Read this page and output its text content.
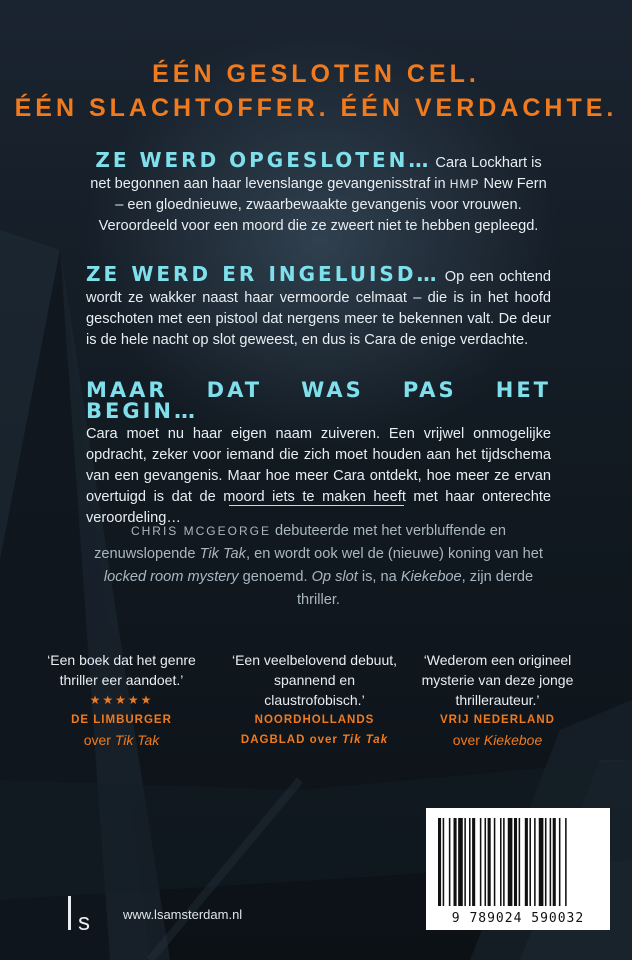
ÉÉN GESLOTEN CEL.
ÉÉN SLACHTOFFER. ÉÉN VERDACHTE.
ZE WERD OPGESLOTEN… Cara Lockhart is net begonnen aan haar levenslange gevangenisstraf in HMP New Fern – een gloednieuwe, zwaarbewaakte gevangenis voor vrouwen. Veroordeeld voor een moord die ze zweert niet te hebben gepleegd.
ZE WERD ER INGELUISD… Op een ochtend wordt ze wakker naast haar vermoorde celmaat – die is in het hoofd geschoten met een pistool dat nergens meer te bekennen valt. De deur is de hele nacht op slot geweest, en dus is Cara de enige verdachte.
MAAR DAT WAS PAS HET BEGIN…
Cara moet nu haar eigen naam zuiveren. Een vrijwel onmogelijke opdracht, zeker voor iemand die zich moet houden aan het tijdschema van een gevangenis. Maar hoe meer Cara ontdekt, hoe meer ze ervan overtuigd is dat de moord iets te maken heeft met haar onterechte veroordeling…
CHRIS MCGEORGE debuteerde met het verbluffende en zenuwslopende Tik Tak, en wordt ook wel de (nieuwe) koning van het locked room mystery genoemd. Op slot is, na Kiekeboe, zijn derde thriller.
‘Een boek dat het genre thriller eer aandoet.’
★★★★★
DE LIMBURGER
over Tik Tak
‘Een veelbelovend debuut, spannend en claustrofobisch.’
NOORDHOLLANDS DAGBLAD over Tik Tak
‘Wederom een origineel mysterie van deze jonge thrillerauteur.’
VRIJ NEDERLAND
over Kiekeboe
9 789024 590032
s	www.lsamsterdam.nl
